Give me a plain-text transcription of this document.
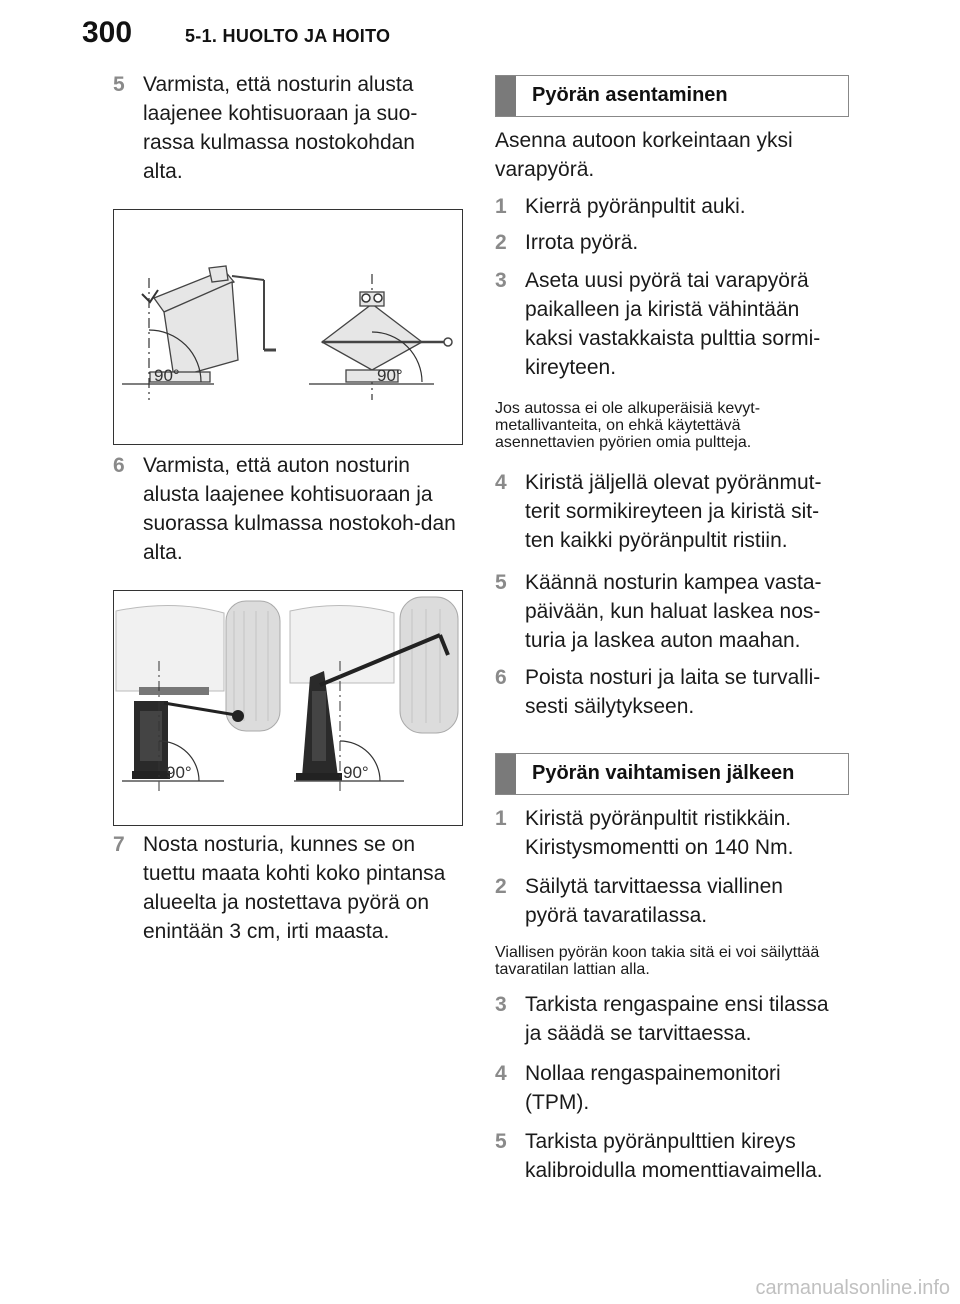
300	5-1. HUOLTO JA HOITO
5 Varmista, että nosturin alusta laajenee kohtisuoraan ja suo-rassa kulmassa nostokohdan alta.
90°	90°
6 Varmista, että auton nosturin alusta laajenee kohtisuoraan ja suorassa kulmassa nostokoh-dan alta.
90°	90°
7 Nosta nosturia, kunnes se on tuettu maata kohti koko pintansa alueelta ja nostettava pyörä on enintään 3 cm, irti maasta.
Pyörän asentaminen
Asenna autoon korkeintaan yksi varapyörä.
1 Kierrä pyöränpultit auki.
2 Irrota pyörä.
3 Aseta uusi pyörä tai varapyörä paikalleen ja kiristä vähintään kaksi vastakkaista pulttia sormi-kireyteen.
Jos autossa ei ole alkuperäisiä kevyt-metallivanteita, on ehkä käytettävä asennettavien pyörien omia pultteja.
4 Kiristä jäljellä olevat pyöränmut-terit sormikireyteen ja kiristä sit-ten kaikki pyöränpultit ristiin.
5 Käännä nosturin kampea vasta-päivään, kun haluat laskea nos-turia ja laskea auton maahan.
6 Poista nosturi ja laita se turvalli-sesti säilytykseen.
Pyörän vaihtamisen jälkeen
1 Kiristä pyöränpultit ristikkäin. Kiristysmomentti on 140 Nm.
2 Säilytä tarvittaessa viallinen pyörä tavaratilassa.
Viallisen pyörän koon takia sitä ei voi säilyttää tavaratilan lattian alla.
3 Tarkista rengaspaine ensi tilassa ja säädä se tarvittaessa.
4 Nollaa rengaspainemonitori (TPM).
5 Tarkista pyöränpulttien kireys kalibroidulla momenttiavaimella.
carmanualsonline.info
